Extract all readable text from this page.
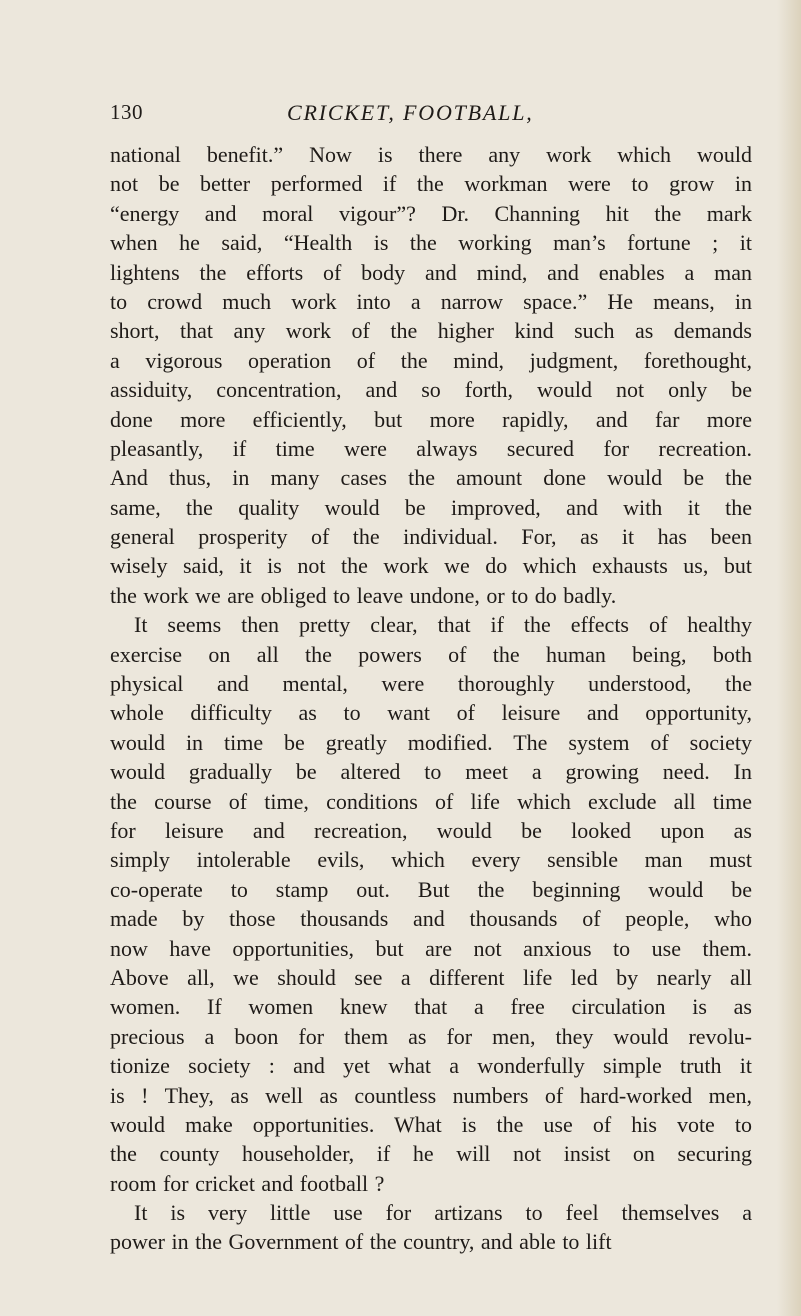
130	CRICKET, FOOTBALL,
national benefit.” Now is there any work which would
not be better performed if the workman were to grow in
“energy and moral vigour”? Dr. Channing hit the mark
when he said, “Health is the working man’s fortune ; it
lightens the efforts of body and mind, and enables a man
to crowd much work into a narrow space.” He means, in
short, that any work of the higher kind such as demands
a vigorous operation of the mind, judgment, forethought,
assiduity, concentration, and so forth, would not only be
done more efficiently, but more rapidly, and far more
pleasantly, if time were always secured for recreation.
And thus, in many cases the amount done would be the
same, the quality would be improved, and with it the
general prosperity of the individual. For, as it has been
wisely said, it is not the work we do which exhausts us, but
the work we are obliged to leave undone, or to do badly.
It seems then pretty clear, that if the effects of healthy
exercise on all the powers of the human being, both
physical and mental, were thoroughly understood, the
whole difficulty as to want of leisure and opportunity,
would in time be greatly modified. The system of society
would gradually be altered to meet a growing need. In
the course of time, conditions of life which exclude all time
for leisure and recreation, would be looked upon as
simply intolerable evils, which every sensible man must
co-operate to stamp out. But the beginning would be
made by those thousands and thousands of people, who
now have opportunities, but are not anxious to use them.
Above all, we should see a different life led by nearly all
women. If women knew that a free circulation is as
precious a boon for them as for men, they would revolu-
tionize society : and yet what a wonderfully simple truth it
is ! They, as well as countless numbers of hard-worked men,
would make opportunities. What is the use of his vote to
the county householder, if he will not insist on securing
room for cricket and football ?
It is very little use for artizans to feel themselves a
power in the Government of the country, and able to lift
